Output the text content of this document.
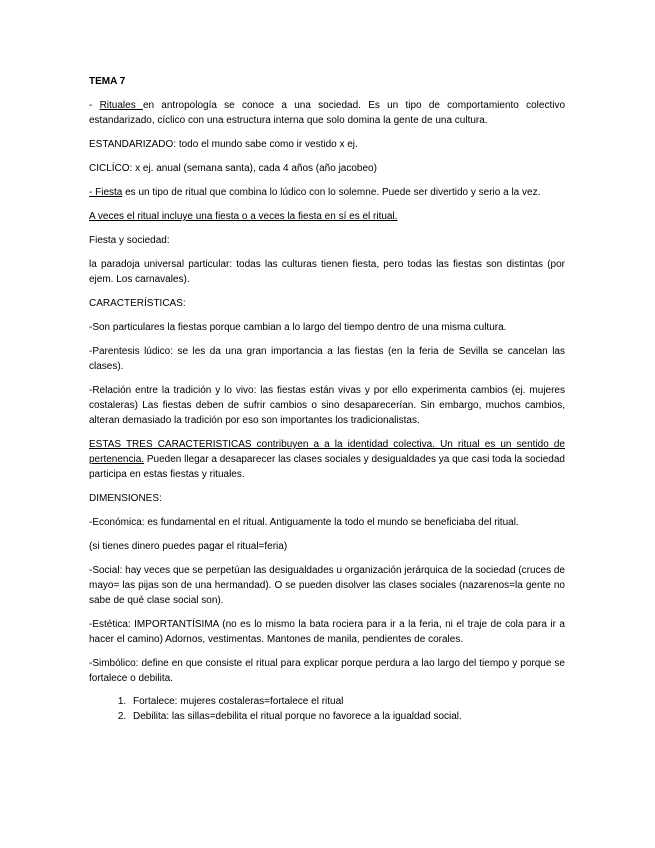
TEMA 7

- Rituales en antropología se conoce a una sociedad. Es un tipo de comportamiento colectivo estandarizado, cíclico con una estructura interna que solo domina la gente de una cultura.

ESTANDARIZADO: todo el mundo sabe como ir vestido x ej.

CICLÍCO: x ej. anual (semana santa), cada 4 años (año jacobeo)

- Fiesta es un tipo de ritual que combina lo lúdico con lo solemne. Puede ser divertido y serio a la vez.

A veces el ritual incluye una fiesta o a veces la fiesta en sí es el ritual.

Fiesta y sociedad:

la paradoja universal particular: todas las culturas tienen fiesta, pero todas las fiestas son distintas (por ejem. Los carnavales).

CARACTERÍSTICAS:

-Son particulares la fiestas porque cambian a lo largo del tiempo dentro de una misma cultura.

-Parentesis lúdico: se les da una gran importancia a las fiestas (en la feria de Sevilla se cancelan las clases).

-Relación entre la tradición y lo vivo: las fiestas están vivas y por ello experimenta cambios (ej. mujeres costaleras) Las fiestas deben de sufrir cambios o sino desaparecerían. Sin embargo, muchos cambios, alteran demasiado la tradición por eso son importantes los tradicionalistas.

ESTAS TRES CARACTERISTICAS contribuyen a a la identidad colectiva. Un ritual es un sentido de pertenencia. Pueden llegar a desaparecer las clases sociales y desigualdades ya que casi toda la sociedad participa en estas fiestas y rituales.

DIMENSIONES:

-Económica: es fundamental en el ritual. Antiguamente la todo el mundo se beneficiaba del ritual.

(si tienes dinero puedes pagar el ritual=feria)

-Social: hay veces que se perpetúan las desigualdades u organización jerárquica de la sociedad (cruces de mayo= las pijas son de una hermandad). O se pueden disolver las clases sociales (nazarenos=la gente no sabe de qué clase social son).

-Estética: IMPORTANTÍSIMA (no es lo mismo la bata rociera para ir a la feria, ni el traje de cola para ir a hacer el camino) Adornos, vestimentas. Mantones de manila, pendientes de corales.

-Simbólico: define en que consiste el ritual para explicar porque perdura a lao largo del tiempo y porque se fortalece o debilita.

1. Fortalece: mujeres costaleras=fortalece el ritual
2. Debilita: las sillas=debilita el ritual porque no favorece a la igualdad social.
